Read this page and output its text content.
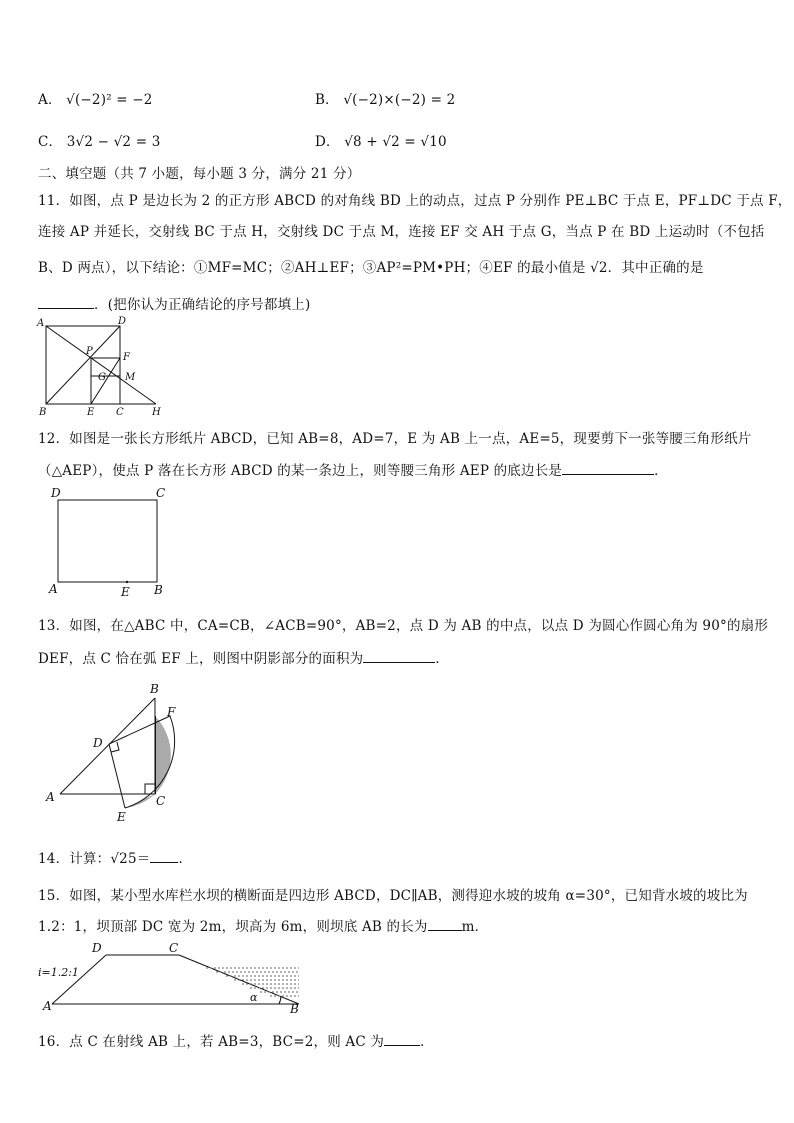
A． √(−2)² = −2	B． √(−2)×(−2) = 2
C． 3√2 − √2 = 3	D． √8 + √2 = √10
二、填空题（共 7 小题，每小题 3 分，满分 21 分）
11．如图，点 P 是边长为 2 的正方形 ABCD 的对角线 BD 上的动点，过点 P 分别作 PE⊥BC 于点 E，PF⊥DC 于点 F，
连接 AP 并延长，交射线 BC 于点 H，交射线 DC 于点 M，连接 EF 交 AH 于点 G，当点 P 在 BD 上运动时（不包括
B、D 两点），以下结论：①MF=MC；②AH⊥EF；③AP²=PM•PH；④EF 的最小值是 √2．其中正确的是
．(把你认为正确结论的序号都填上)
A	D
P
F
G M
B	E C	H
12．如图是一张长方形纸片 ABCD，已知 AB=8，AD=7，E 为 AB 上一点，AE=5，现要剪下一张等腰三角形纸片
（△AEP），使点 P 落在长方形 ABCD 的某一条边上，则等腰三角形 AEP 的底边长是	．
D	C
A	E B
13．如图，在△ABC 中，CA=CB，∠ACB=90°，AB=2，点 D 为 AB 的中点，以点 D 为圆心作圆心角为 90°的扇形
DEF，点 C 恰在弧 EF 上，则图中阴影部分的面积为	．
B
F
D
A	C
E
14．计算：√25＝ ．
15．如图，某小型水库栏水坝的横断面是四边形 ABCD，DC∥AB，测得迎水坡的坡角 α=30°，已知背水坡的坡比为
1.2：1，坝顶部 DC 宽为 2m，坝高为 6m，则坝底 AB 的长为	m．
D	C
i=1.2:1
A
α
B
16．点 C 在射线 AB 上，若 AB=3，BC=2，则 AC 为	．
